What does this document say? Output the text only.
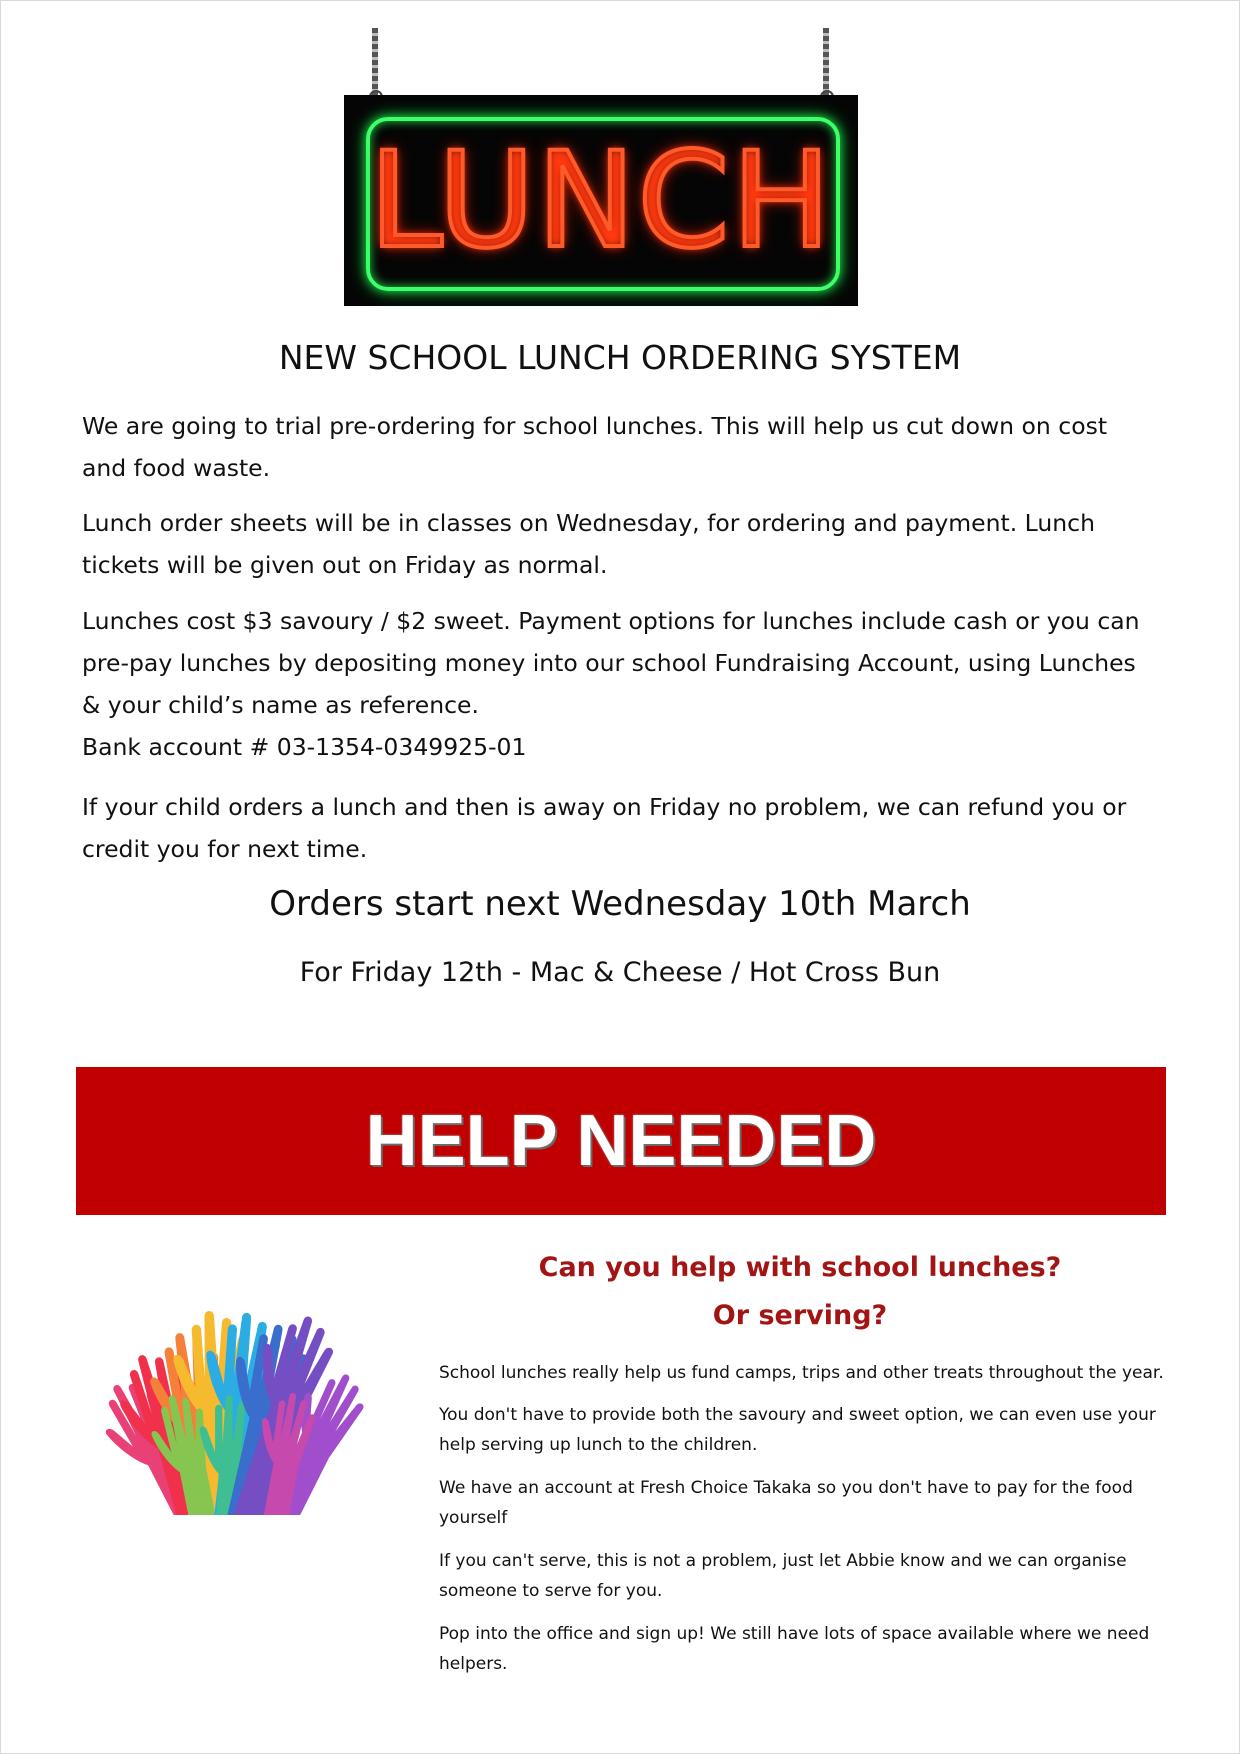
LUNCH
NEW SCHOOL LUNCH ORDERING SYSTEM

We are going to trial pre-ordering for school lunches. This will help us cut down on cost and food waste.

Lunch order sheets will be in classes on Wednesday, for ordering and payment. Lunch tickets will be given out on Friday as normal.

Lunches cost $3 savoury / $2 sweet. Payment options for lunches include cash or you can pre-pay lunches by depositing money into our school Fundraising Account, using Lunches & your child’s name as reference.
Bank account # 03-1354-0349925-01

If your child orders a lunch and then is away on Friday no problem, we can refund you or credit you for next time.

Orders start next Wednesday 10th March
For Friday 12th - Mac & Cheese / Hot Cross Bun
HELP NEEDED
Can you help with school lunches?
Or serving?

School lunches really help us fund camps, trips and other treats throughout the year.

You don't have to provide both the savoury and sweet option, we can even use your help serving up lunch to the children.

We have an account at Fresh Choice Takaka so you don't have to pay for the food yourself

If you can't serve, this is not a problem, just let Abbie know and we can organise someone to serve for you.

Pop into the office and sign up! We still have lots of space available where we need helpers.
